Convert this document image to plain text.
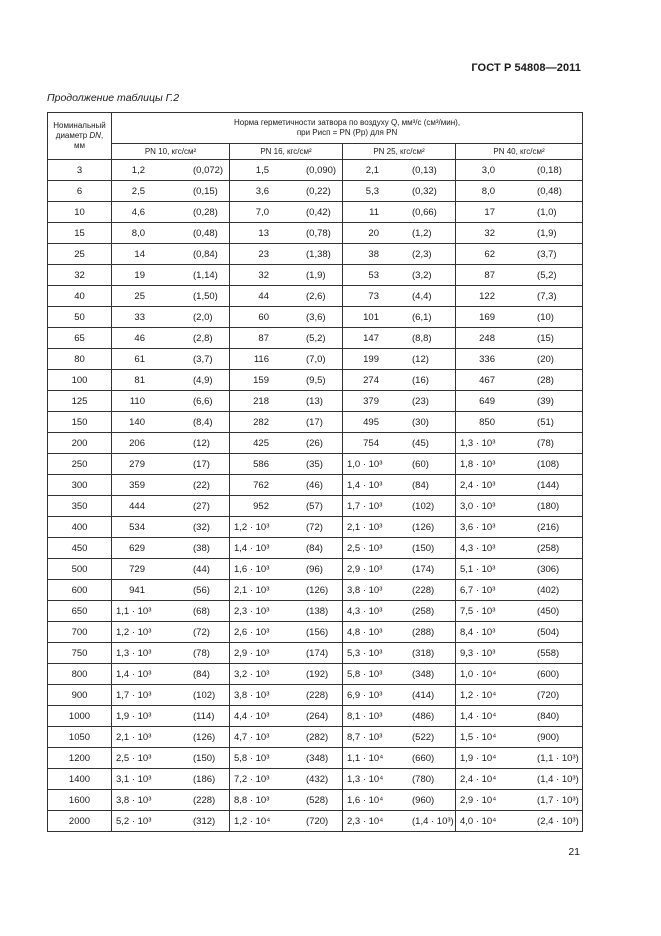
ГОСТ Р 54808—2011
Продолжение таблицы Г.2
Номинальный
диаметр DN,
мм	Норма герметичности затвора по воздуху Q, мм³/с (см³/мин),
при Pисп = PN (Pр) для PN			
	PN 10, кгс/см²	PN 16, кгс/см²	PN 25, кгс/см²	PN 40, кгс/см²
3	1,2 (0,072)	1,5 (0,090)	2,1 (0,13)	3,0 (0,18)

6	2,5 (0,15)	3,6 (0,22)	5,3 (0,32)	8,0 (0,48)

10	4,6 (0,28)	7,0 (0,42)	11 (0,66)	17 (1,0)

15	8,0 (0,48)	13 (0,78)	20 (1,2)	32 (1,9)

25	14 (0,84)	23 (1,38)	38 (2,3)	62 (3,7)

32	19 (1,14)	32 (1,9)	53 (3,2)	87 (5,2)

40	25 (1,50)	44 (2,6)	73 (4,4)	122 (7,3)

50	33 (2,0)	60 (3,6)	101 (6,1)	169 (10)

65	46 (2,8)	87 (5,2)	147 (8,8)	248 (15)

80	61 (3,7)	116 (7,0)	199 (12)	336 (20)

100	81 (4,9)	159 (9,5)	274 (16)	467 (28)

125	110 (6,6)	218 (13)	379 (23)	649 (39)

150	140 (8,4)	282 (17)	495 (30)	850 (51)

200	206 (12)	425 (26)	754 (45)	1,3 · 10³ (78)

250	279 (17)	586 (35)	1,0 · 10³ (60)	1,8 · 10³ (108)

300	359 (22)	762 (46)	1,4 · 10³ (84)	2,4 · 10³ (144)

350	444 (27)	952 (57)	1,7 · 10³ (102)	3,0 · 10³ (180)

400	534 (32)	1,2 · 10³ (72)	2,1 · 10³ (126)	3,6 · 10³ (216)

450	629 (38)	1,4 · 10³ (84)	2,5 · 10³ (150)	4,3 · 10³ (258)

500	729 (44)	1,6 · 10³ (96)	2,9 · 10³ (174)	5,1 · 10³ (306)

600	941 (56)	2,1 · 10³ (126)	3,8 · 10³ (228)	6,7 · 10³ (402)

650	1,1 · 10³ (68)	2,3 · 10³ (138)	4,3 · 10³ (258)	7,5 · 10³ (450)

700	1,2 · 10³ (72)	2,6 · 10³ (156)	4,8 · 10³ (288)	8,4 · 10³ (504)

750	1,3 · 10³ (78)	2,9 · 10³ (174)	5,3 · 10³ (318)	9,3 · 10³ (558)

800	1,4 · 10³ (84)	3,2 · 10³ (192)	5,8 · 10³ (348)	1,0 · 10⁴ (600)

900	1,7 · 10³ (102)	3,8 · 10³ (228)	6,9 · 10³ (414)	1,2 · 10⁴ (720)

1000	1,9 · 10³ (114)	4,4 · 10³ (264)	8,1 · 10³ (486)	1,4 · 10⁴ (840)

1050	2,1 · 10³ (126)	4,7 · 10³ (282)	8,7 · 10³ (522)	1,5 · 10⁴ (900)

1200	2,5 · 10³ (150)	5,8 · 10³ (348)	1,1 · 10⁴ (660)	1,9 · 10⁴ (1,1 · 10³)

1400	3,1 · 10³ (186)	7,2 · 10³ (432)	1,3 · 10⁴ (780)	2,4 · 10⁴ (1,4 · 10³)

1600	3,8 · 10³ (228)	8,8 · 10³ (528)	1,6 · 10⁴ (960)	2,9 · 10⁴ (1,7 · 10³)

2000	5,2 · 10³ (312)	1,2 · 10⁴ (720)	2,3 · 10⁴ (1,4 · 10³)	4,0 · 10⁴ (2,4 · 10³)
21
